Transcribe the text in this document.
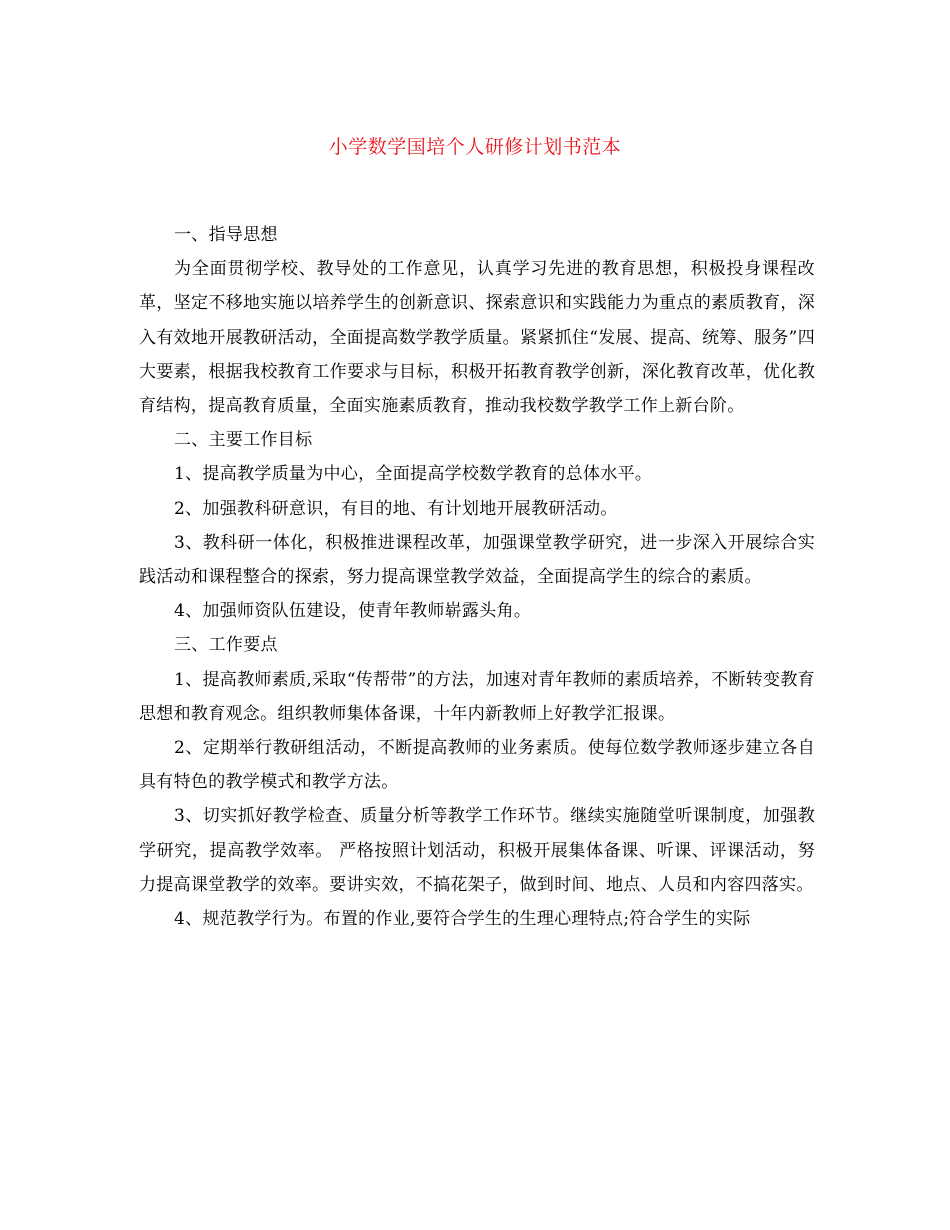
小学数学国培个人研修计划书范本

一、指导思想

为全面贯彻学校、教导处的工作意见，认真学习先进的教育思想，积极投身课程改革，坚定不移地实施以培养学生的创新意识、探索意识和实践能力为重点的素质教育，深入有效地开展教研活动，全面提高数学教学质量。紧紧抓住“发展、提高、统筹、服务”四大要素，根据我校教育工作要求与目标，积极开拓教育教学创新，深化教育改革，优化教育结构，提高教育质量，全面实施素质教育，推动我校数学教学工作上新台阶。

二、主要工作目标

1、提高教学质量为中心，全面提高学校数学教育的总体水平。

2、加强教科研意识，有目的地、有计划地开展教研活动。

3、教科研一体化，积极推进课程改革，加强课堂教学研究，进一步深入开展综合实践活动和课程整合的探索，努力提高课堂教学效益，全面提高学生的综合的素质。

4、加强师资队伍建设，使青年教师崭露头角。

三、工作要点

1、提高教师素质,采取“传帮带”的方法，加速对青年教师的素质培养，不断转变教育思想和教育观念。组织教师集体备课，十年内新教师上好教学汇报课。

2、定期举行教研组活动，不断提高教师的业务素质。使每位数学教师逐步建立各自具有特色的教学模式和教学方法。

3、切实抓好教学检查、质量分析等教学工作环节。继续实施随堂听课制度，加强教学研究，提高教学效率。 严格按照计划活动，积极开展集体备课、听课、评课活动，努力提高课堂教学的效率。要讲实效，不搞花架子，做到时间、地点、人员和内容四落实。

4、规范教学行为。布置的作业,要符合学生的生理心理特点;符合学生的实际
